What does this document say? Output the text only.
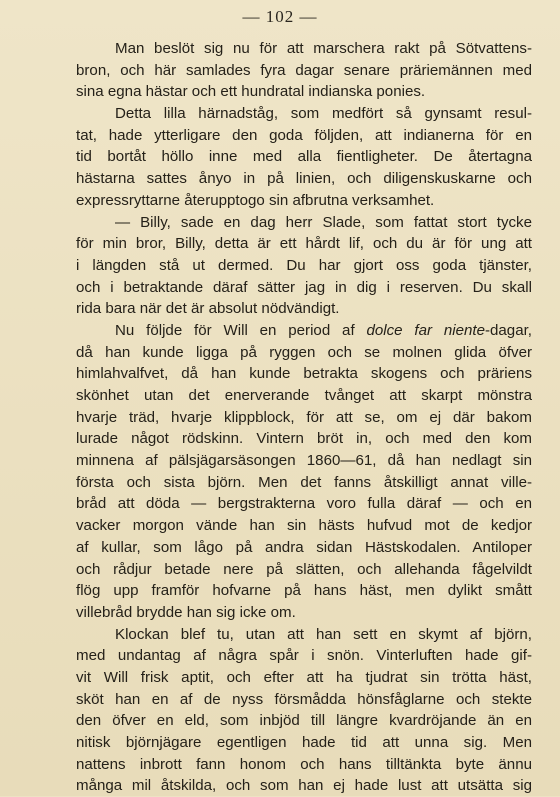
— 102 —
Man beslöt sig nu för att marschera rakt på Sötvattens-
bron, och här samlades fyra dagar senare präriemännen med
sina egna hästar och ett hundratal indianska ponies.
Detta lilla härnadståg, som medfört så gynsamt resul-
tat, hade ytterligare den goda följden, att indianerna för en
tid bortåt höllo inne med alla fientligheter. De återtagna
hästarna sattes ånyo in på linien, och diligenskuskarne och
expressryttarne återupptogo sin afbrutna verksamhet.
— Billy, sade en dag herr Slade, som fattat stort tycke
för min bror, Billy, detta är ett hårdt lif, och du är för ung att
i längden stå ut dermed. Du har gjort oss goda tjänster,
och i betraktande däraf sätter jag in dig i reserven. Du skall
rida bara när det är absolut nödvändigt.
Nu följde för Will en period af dolce far niente-dagar,
då han kunde ligga på ryggen och se molnen glida öfver
himlahvalfvet, då han kunde betrakta skogens och präriens
skönhet utan det enerverande tvånget att skarpt mönstra
hvarje träd, hvarje klippblock, för att se, om ej där bakom
lurade något rödskinn. Vintern bröt in, och med den kom
minnena af pälsjägarsäsongen 1860—61, då han nedlagt sin
första och sista björn. Men det fanns åtskilligt annat ville-
bråd att döda — bergstrakterna voro fulla däraf — och en
vacker morgon vände han sin hästs hufvud mot de kedjor
af kullar, som lågo på andra sidan Hästskodalen. Antiloper
och rådjur betade nere på slätten, och allehanda fågelvildt
flög upp framför hofvarne på hans häst, men dylikt smått
villebråd brydde han sig icke om.
Klockan blef tu, utan att han sett en skymt af björn,
med undantag af några spår i snön. Vinterluften hade gif-
vit Will frisk aptit, och efter att ha tjudrat sin trötta häst,
sköt han en af de nyss försmådda hönsfåglarne och stekte
den öfver en eld, som inbjöd till längre kvardröjande än en
nitisk björnjägare egentligen hade tid att unna sig. Men
nattens inbrott fann honom och hans tilltänkta byte ännu
många mil åtskilda, och som han ej hade lust att utsätta sig
